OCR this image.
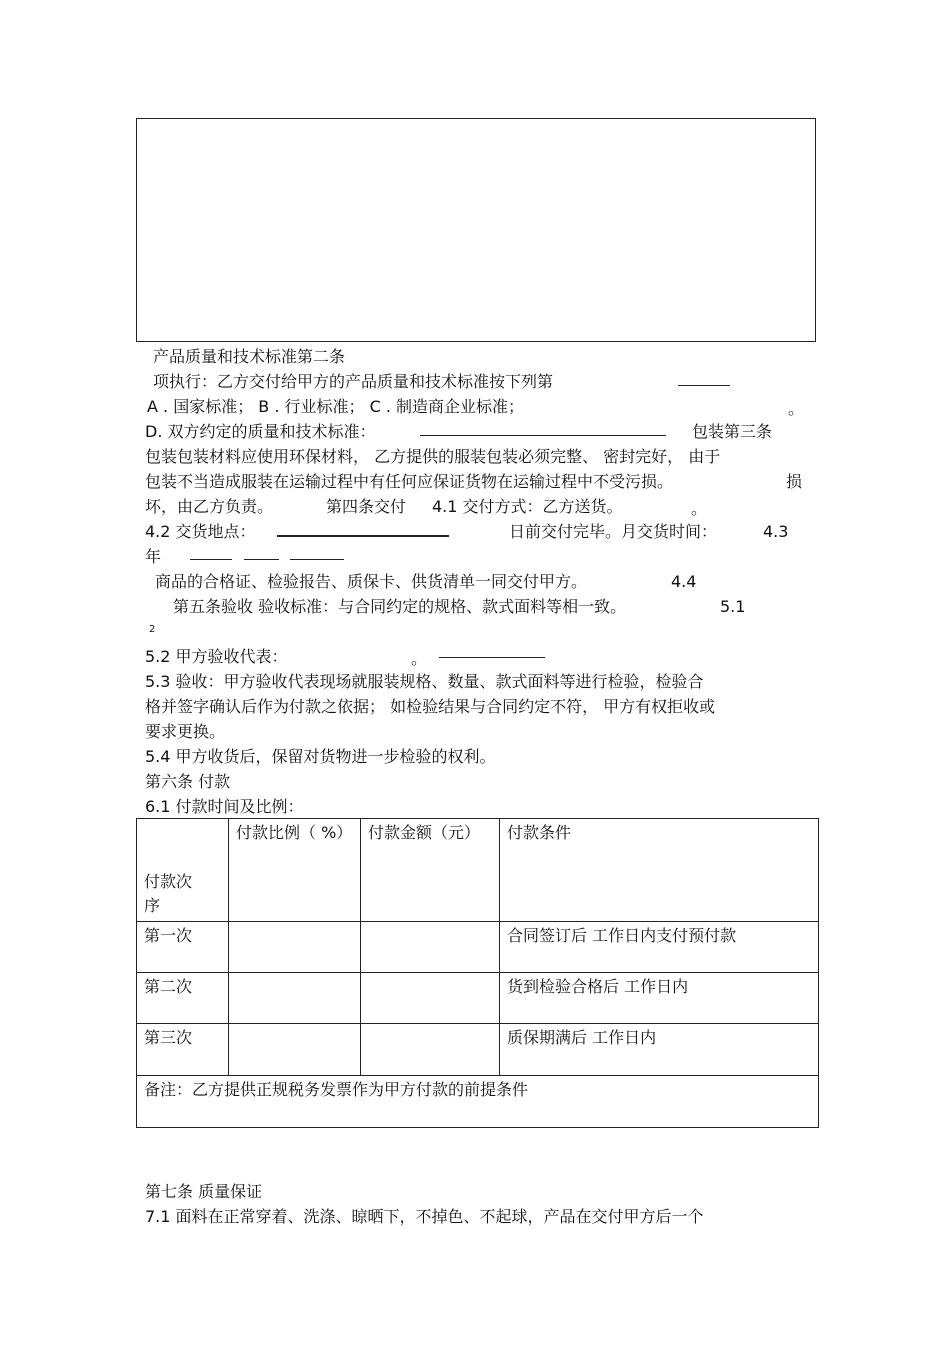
产品质量和技术标准第二条
项执行：乙方交付给甲方的产品质量和技术标准按下列第
A . 国家标准； B . 行业标准； C . 制造商企业标准；	。
D. 双方约定的质量和技术标准：	包装第三条
包装包装材料应使用环保材料， 乙方提供的服装包装必须完整、 密封完好， 由于
包装不当造成服装在运输过程中有任何应保证货物在运输过程中不受污损。	损
坏，由乙方负责。	第四条交付 4.1 交付方式：乙方送货。	。
4.2 交货地点：	日前交付完毕。月交货时间：	4.3
年
商品的合格证、检验报告、质保卡、供货清单一同交付甲方。	4.4
第五条验收 验收标准：与合同约定的规格、款式面料等相一致。	5.1
2
5.2 甲方验收代表：	。
5.3 验收：甲方验收代表现场就服装规格、数量、款式面料等进行检验，检验合
格并签字确认后作为付款之依据； 如检验结果与合同约定不符， 甲方有权拒收或
要求更换。
5.4 甲方收货后，保留对货物进一步检验的权利。
第六条 付款
6.1 付款时间及比例：
付款次
序	付款比例（ %）	付款金额（元）	付款条件
第一次			合同签订后 工作日内支付预付款
第二次			货到检验合格后 工作日内
第三次			质保期满后 工作日内
备注：乙方提供正规税务发票作为甲方付款的前提条件			
第七条 质量保证
7.1 面料在正常穿着、洗涤、晾晒下，不掉色、不起球，产品在交付甲方后一个
